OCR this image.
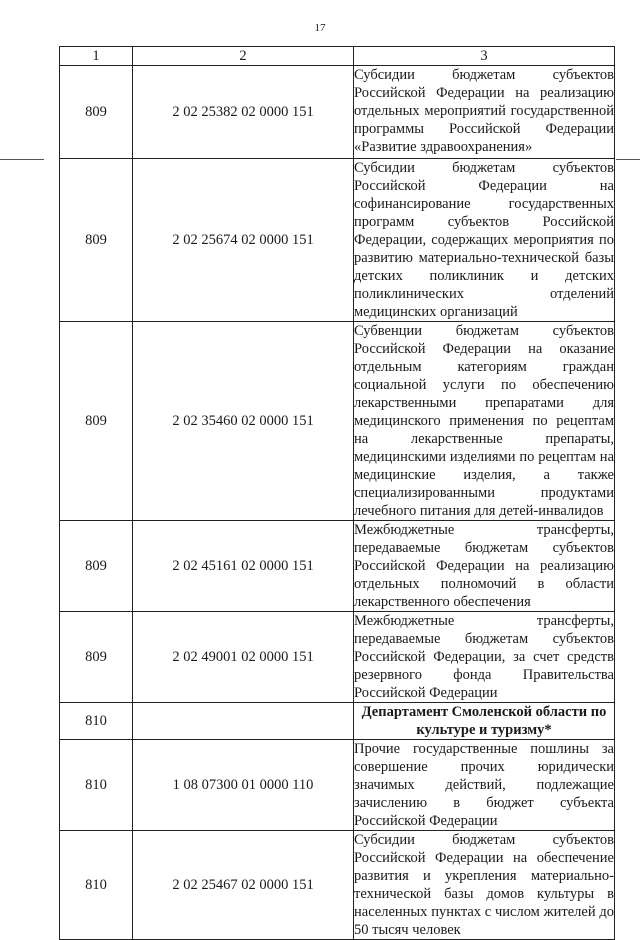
17
1	2	3
809	2 02 25382 02 0000 151	Субсидии бюджетам субъектов Российской Федерации на реализацию отдельных мероприятий государственной программы Российской Федерации «Развитие здравоохранения»
809	2 02 25674 02 0000 151	Субсидии бюджетам субъектов Российской Федерации на софинансирование государственных программ субъектов Российской Федерации, содержащих мероприятия по развитию материально-технической базы детских поликлиник и детских поликлинических отделений медицинских организаций
809	2 02 35460 02 0000 151	Субвенции бюджетам субъектов Российской Федерации на оказание отдельным категориям граждан социальной услуги по обеспечению лекарственными препаратами для медицинского применения по рецептам на лекарственные препараты, медицинскими изделиями по рецептам на медицинские изделия, а также специализированными продуктами лечебного питания для детей-инвалидов
809	2 02 45161 02 0000 151	Межбюджетные трансферты, передаваемые бюджетам субъектов Российской Федерации на реализацию отдельных полномочий в области лекарственного обеспечения
809	2 02 49001 02 0000 151	Межбюджетные трансферты, передаваемые бюджетам субъектов Российской Федерации, за счет средств резервного фонда Правительства Российской Федерации
810		Департамент Смоленской области по культуре и туризму*
810	1 08 07300 01 0000 110	Прочие государственные пошлины за совершение прочих юридически значимых действий, подлежащие зачислению в бюджет субъекта Российской Федерации
810	2 02 25467 02 0000 151	Субсидии бюджетам субъектов Российской Федерации на обеспечение развития и укрепления материально-технической базы домов культуры в населенных пунктах с числом жителей до 50 тысяч человек
